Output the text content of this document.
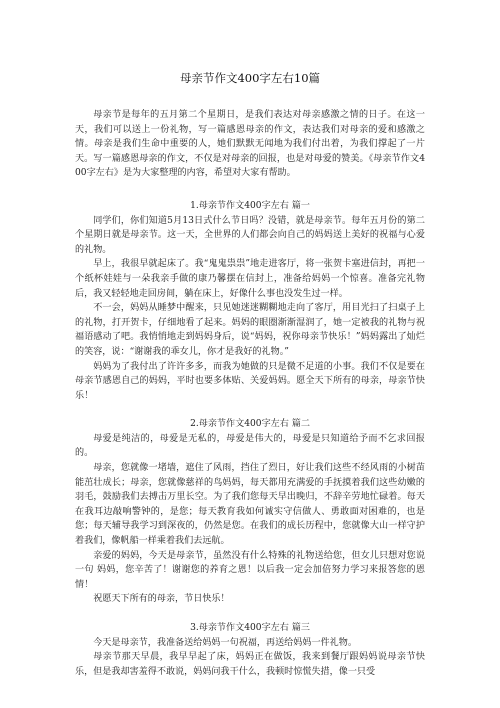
母亲节作文400字左右10篇

母亲节是每年的五月第二个星期日，是我们表达对母亲感激之情的日子。在这一天，我们可以送上一份礼物，写一篇感恩母亲的作文，表达我们对母亲的爱和感激之情。母亲是我们生命中重要的人，她们默默无闻地为我们付出着，为我们撑起了一片天。写一篇感恩母亲的作文，不仅是对母亲的回报，也是对母爱的赞美。《母亲节作文400字左右》是为大家整理的内容，希望对大家有帮助。

1.母亲节作文400字左右 篇一

同学们，你们知道5月13日式什么节日吗？没错，就是母亲节。每年五月份的第二个星期日就是母亲节。这一天，全世界的人们都会向自己的妈妈送上美好的祝福与心爱的礼物。

早上，我很早就起床了。我“鬼鬼祟祟”地走进客厅，将一张贺卡塞进信封，再把一个纸杯娃娃与一朵我亲手做的康乃馨摆在信封上，准备给妈妈一个惊喜。准备完礼物后，我又轻轻地走回房间，躺在床上，好像什么事也没发生过一样。

不一会，妈妈从睡梦中醒来，只见她迷迷糊糊地走向了客厅，用目光扫了扫桌子上的礼物，打开贺卡，仔细地看了起来。妈妈的眼圈渐渐湿润了，她一定被我的礼物与祝福语感动了吧。我悄悄地走到妈妈身后，说“妈妈，祝你母亲节快乐！”妈妈露出了灿烂的笑容，说：“谢谢我的乖女儿，你才是我好的礼物。”

妈妈为了我付出了许许多多，而我为她做的只是微不足道的小事。我们不仅是要在母亲节感恩自己的妈妈，平时也要多体贴、关爱妈妈。愿全天下所有的母亲，母亲节快乐！

2.母亲节作文400字左右 篇二

母爱是纯洁的，母爱是无私的，母爱是伟大的，母爱是只知道给予而不乞求回报的。

母亲，您就像一堵墙，遮住了风雨，挡住了烈日，好让我们这些不经风雨的小树苗能茁壮成长；母亲，您就像慈祥的鸟妈妈，每天都用充满爱的手抚摸着我们这些幼嫩的羽毛，鼓励我们去搏击万里长空。为了我们您每天早出晚归，不辞辛劳地忙碌着。每天在我耳边敲响警钟的，是您；每天教育我如何诚实守信做人、勇敢面对困难的，也是您；每天辅导我学习到深夜的，仍然是您。在我们的成长历程中，您就像大山一样守护着我们，像帆船一样乘着我们去远航。

亲爱的妈妈，今天是母亲节，虽然没有什么特殊的礼物送给您，但女儿只想对您说一句 妈妈，您辛苦了！谢谢您的养育之恩！以后我一定会加倍努力学习来报答您的恩情！

祝愿天下所有的母亲，节日快乐！

3.母亲节作文400字左右 篇三

今天是母亲节，我准备送给妈妈一句祝福，再送给妈妈一件礼物。

母亲节那天早晨，我早早起了床，妈妈正在做饭，我来到餐厅跟妈妈说母亲节快乐，但是我却害羞得不敢说，妈妈问我干什么，我顿时惊慌失措，像一只受
